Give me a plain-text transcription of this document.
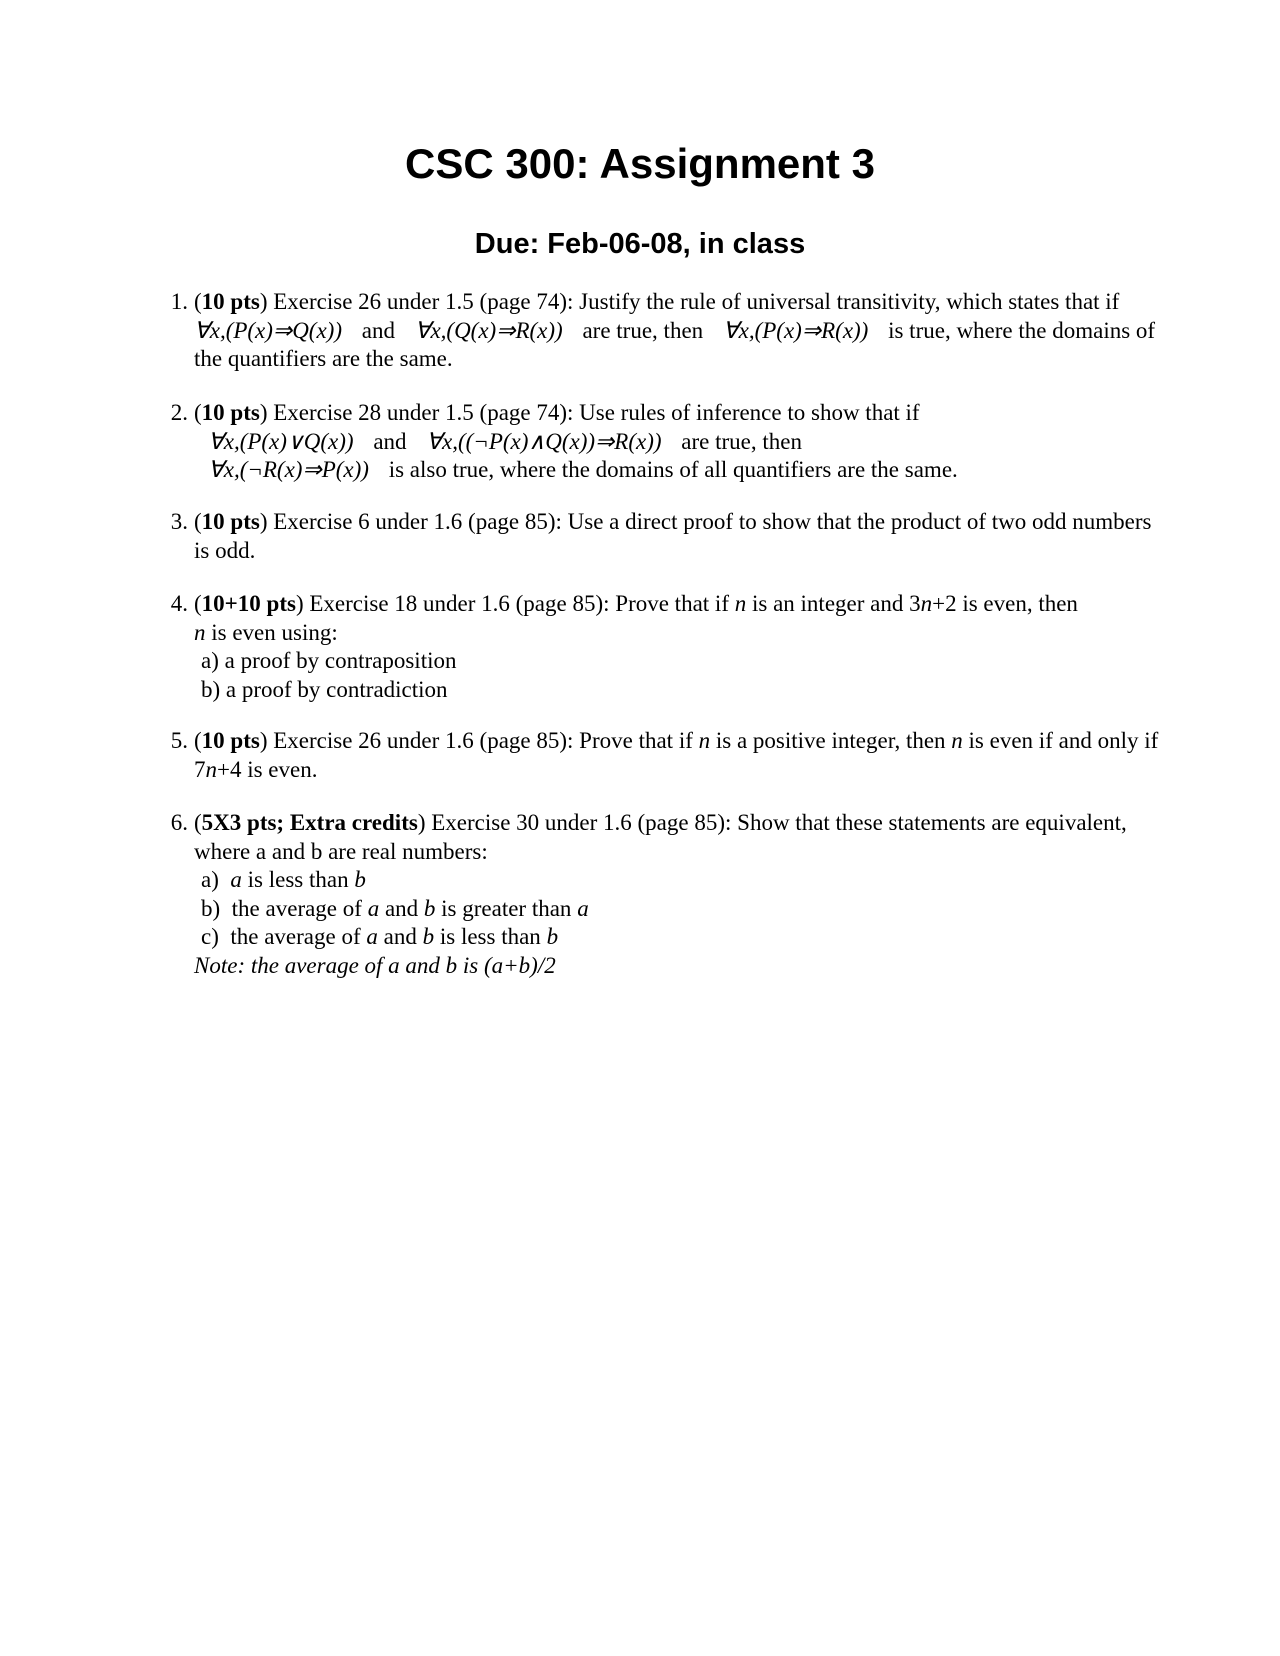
CSC 300: Assignment 3
Due: Feb-06-08, in class
1. (10 pts) Exercise 26 under 1.5 (page 74): Justify the rule of universal transitivity, which states that if ∀x,(P(x)⇒Q(x)) and ∀x,(Q(x)⇒R(x)) are true, then ∀x,(P(x)⇒R(x)) is true, where the domains of the quantifiers are the same.
2. (10 pts) Exercise 28 under 1.5 (page 74): Use rules of inference to show that if
∀x,(P(x)∨Q(x)) and ∀x,((¬P(x)∧Q(x))⇒R(x)) are true, then
∀x,(¬R(x)⇒P(x)) is also true, where the domains of all quantifiers are the same.
3. (10 pts) Exercise 6 under 1.6 (page 85): Use a direct proof to show that the product of two odd numbers is odd.
4. (10+10 pts) Exercise 18 under 1.6 (page 85): Prove that if n is an integer and 3n+2 is even, then
n is even using:
a) a proof by contraposition
b) a proof by contradiction
5. (10 pts) Exercise 26 under 1.6 (page 85): Prove that if n is a positive integer, then n is even if and only if 7n+4 is even.
6. (5X3 pts; Extra credits) Exercise 30 under 1.6 (page 85): Show that these statements are equivalent, where a and b are real numbers:
a) a is less than b
b) the average of a and b is greater than a
c) the average of a and b is less than b
Note: the average of a and b is (a+b)/2
